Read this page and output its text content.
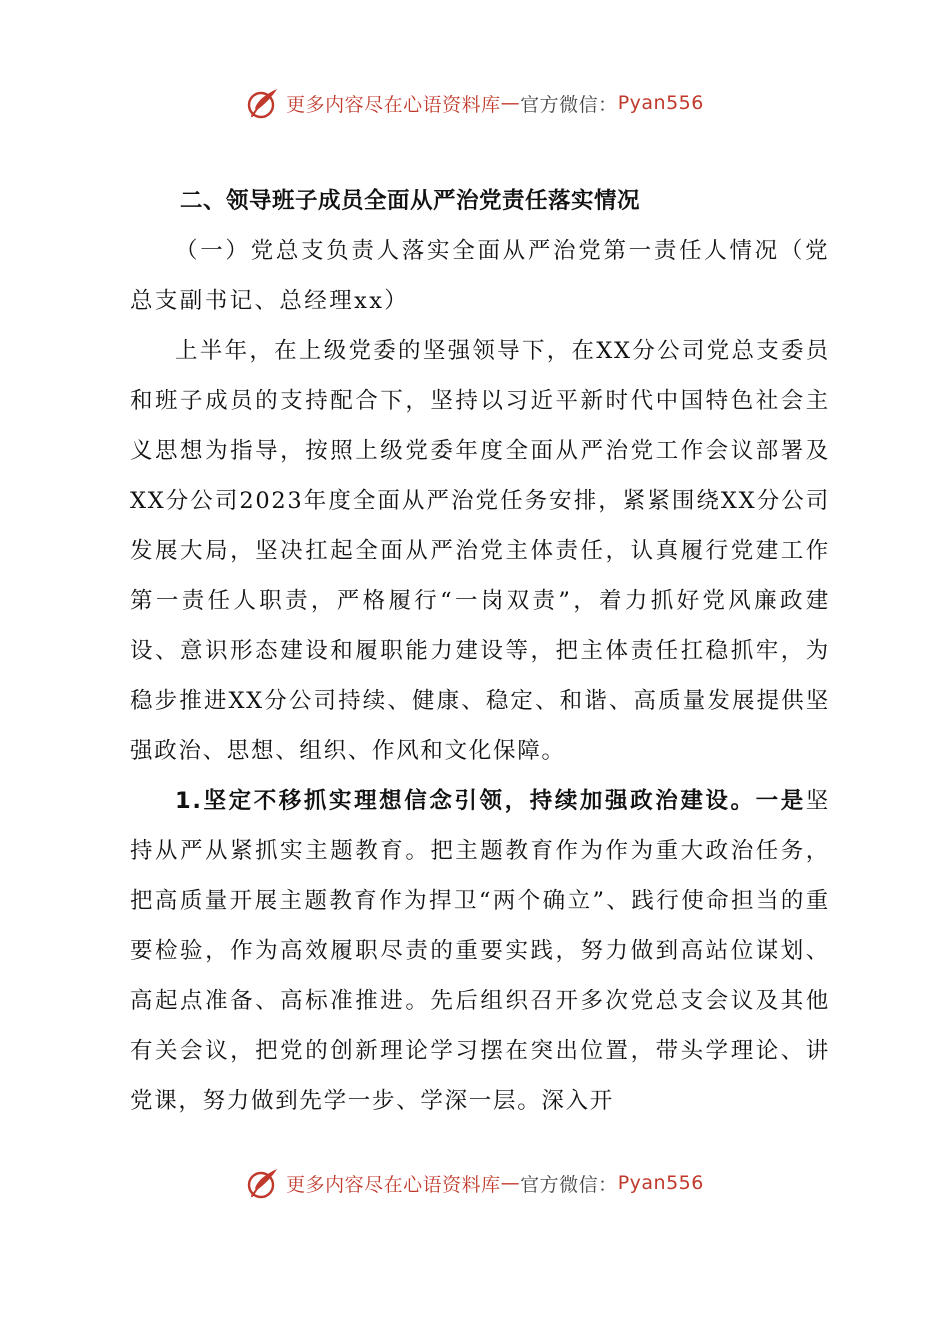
更多内容尽在心语资料库 — 官方微信： Pyan556

二、领导班子成员全面从严治党责任落实情况

（一）党总支负责人落实全面从严治党第一责任人情况（党总支副书记、总经理xx）

上半年，在上级党委的坚强领导下，在XX分公司党总支委员和班子成员的支持配合下，坚持以习近平新时代中国特色社会主义思想为指导，按照上级党委年度全面从严治党工作会议部署及XX分公司2023年度全面从严治党任务安排，紧紧围绕XX分公司发展大局，坚决扛起全面从严治党主体责任，认真履行党建工作第一责任人职责，严格履行“一岗双责”，着力抓好党风廉政建设、意识形态建设和履职能力建设等，把主体责任扛稳抓牢，为稳步推进XX分公司持续、健康、稳定、和谐、高质量发展提供坚强政治、思想、组织、作风和文化保障。

1.坚定不移抓实理想信念引领，持续加强政治建设。一是坚持从严从紧抓实主题教育。把主题教育作为作为重大政治任务，把高质量开展主题教育作为捍卫“两个确立”、践行使命担当的重要检验，作为高效履职尽责的重要实践，努力做到高站位谋划、高起点准备、高标准推进。先后组织召开多次党总支会议及其他有关会议，把党的创新理论学习摆在突出位置，带头学理论、讲党课，努力做到先学一步、学深一层。深入开

更多内容尽在心语资料库 — 官方微信： Pyan556
